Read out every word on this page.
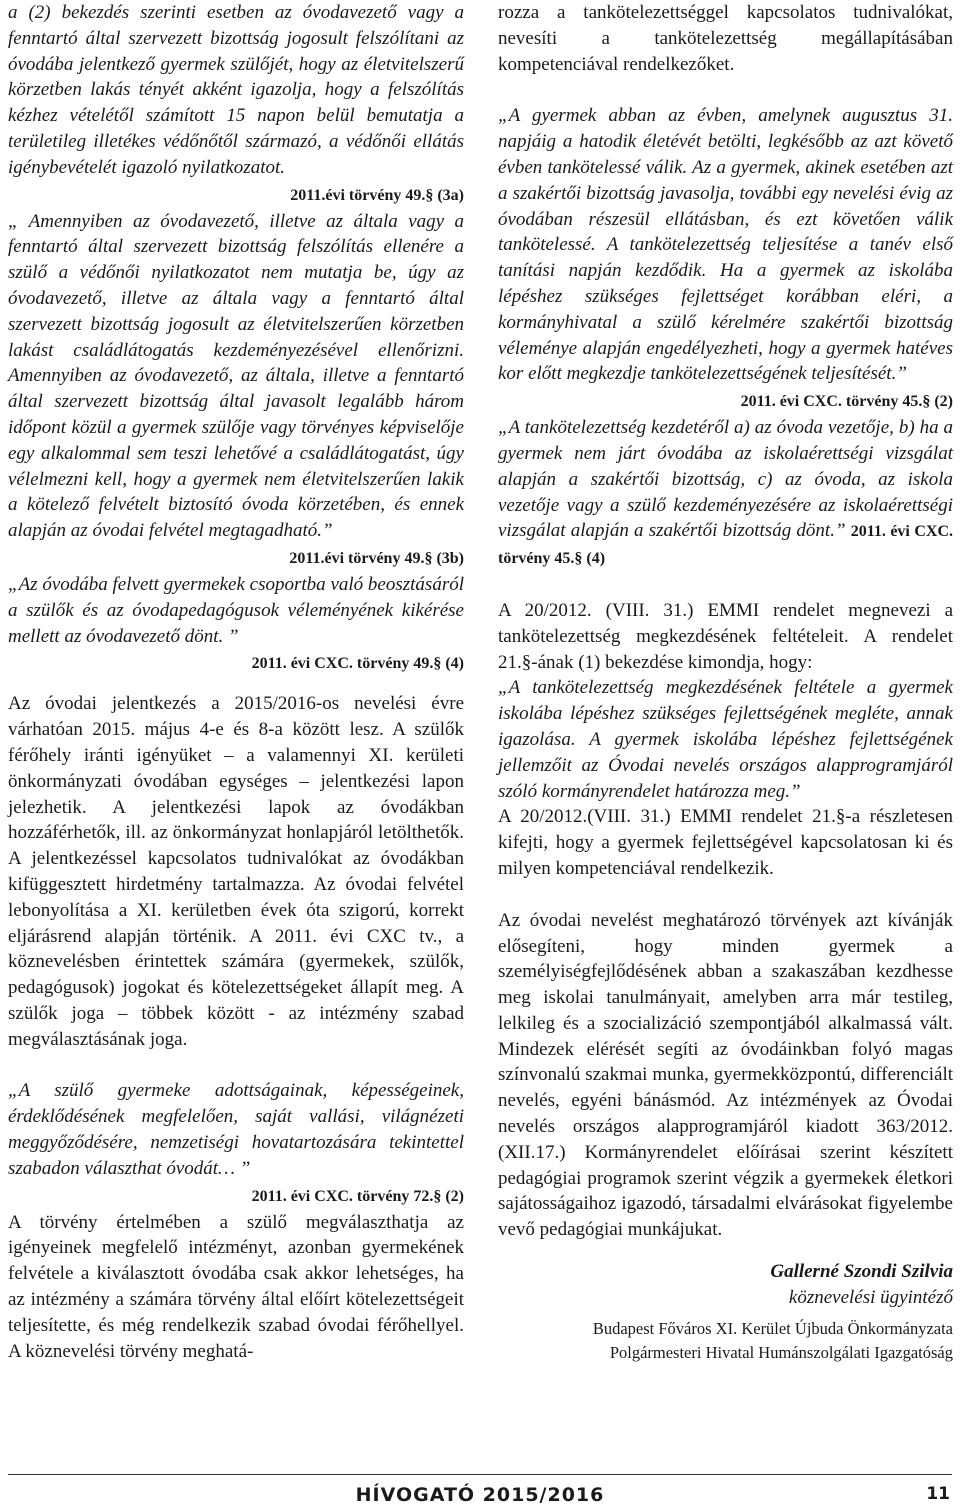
a (2) bekezdés szerinti esetben az óvodavezető vagy a fenntartó által szervezett bizottság jogosult felszólítani az óvodába jelentkező gyermek szülőjét, hogy az életvitelszerű körzetben lakás tényét akként igazolja, hogy a felszólítás kézhez vételétől számított 15 napon belül bemutatja a területileg illetékes védőnőtől származó, a védőnői ellátás igénybevételét igazoló nyilatkozatot.

2011.évi törvény 49.§ (3a)

„ Amennyiben az óvodavezető, illetve az általa vagy a fenntartó által szervezett bizottság felszólítás ellenére a szülő a védőnői nyilatkozatot nem mutatja be, úgy az óvodavezető, illetve az általa vagy a fenntartó által szervezett bizottság jogosult az életvitelszerűen körzetben lakást családlátogatás kezdeményezésével ellenőrizni. Amennyiben az óvodavezető, az általa, illetve a fenntartó által szervezett bizottság által javasolt legalább három időpont közül a gyermek szülője vagy törvényes képviselője egy alkalommal sem teszi lehetővé a családlátogatást, úgy vélelmezni kell, hogy a gyermek nem életvitelszerűen lakik a kötelező felvételt biztosító óvoda körzetében, és ennek alapján az óvodai felvétel megtagadható.”

2011.évi törvény 49.§ (3b)

„Az óvodába felvett gyermekek csoportba való beosztásáról a szülők és az óvodapedagógusok véleményének kikérése mellett az óvodavezető dönt. ”

2011. évi CXC. törvény 49.§ (4)

Az óvodai jelentkezés a 2015/2016-os nevelési évre várhatóan 2015. május 4-e és 8-a között lesz. A szülők férőhely iránti igényüket – a valamennyi XI. kerületi önkormányzati óvodában egységes – jelentkezési lapon jelezhetik. A jelentkezési lapok az óvodákban hozzáférhetők, ill. az önkormányzat honlapjáról letölthetők. A jelentkezéssel kapcsolatos tudnivalókat az óvodákban kifüggesztett hirdetmény tartalmazza. Az óvodai felvétel lebonyolítása a XI. kerületben évek óta szigorú, korrekt eljárásrend alapján történik. A 2011. évi CXC tv., a köznevelésben érintettek számára (gyermekek, szülők, pedagógusok) jogokat és kötelezettségeket állapít meg. A szülők joga – többek között - az intézmény szabad megválasztásának joga.

„A szülő gyermeke adottságainak, képességeinek, érdeklődésének megfelelően, saját vallási, világnézeti meggyőződésére, nemzetiségi hovatartozására tekintettel szabadon választhat óvodát… ”

2011. évi CXC. törvény 72.§ (2)

A törvény értelmében a szülő megválaszthatja az igényeinek megfelelő intézményt, azonban gyermekének felvétele a kiválasztott óvodába csak akkor lehetséges, ha az intézmény a számára törvény által előírt kötelezettségeit teljesítette, és még rendelkezik szabad óvodai férőhellyel. A köznevelési törvény meghatá-

rozza a tankötelezettséggel kapcsolatos tudnivalókat, nevesíti a tankötelezettség megállapításában kompetenciával rendelkezőket.

„A gyermek abban az évben, amelynek augusztus 31. napjáig a hatodik életévét betölti, legkésőbb az azt követő évben tankötelessé válik. Az a gyermek, akinek esetében azt a szakértői bizottság javasolja, további egy nevelési évig az óvodában részesül ellátásban, és ezt követően válik tankötelessé. A tankötelezettség teljesítése a tanév első tanítási napján kezdődik. Ha a gyermek az iskolába lépéshez szükséges fejlettséget korábban eléri, a kormányhivatal a szülő kérelmére szakértői bizottság véleménye alapján engedélyezheti, hogy a gyermek hatéves kor előtt megkezdje tankötelezettségének teljesítését.”

2011. évi CXC. törvény 45.§ (2)

„A tankötelezettség kezdetéről a) az óvoda vezetője, b) ha a gyermek nem járt óvodába az iskolaérettségi vizsgálat alapján a szakértői bizottság, c) az óvoda, az iskola vezetője vagy a szülő kezdeményezésére az iskolaérettségi vizsgálat alapján a szakértői bizottság dönt.” 2011. évi CXC. törvény 45.§ (4)

A 20/2012. (VIII. 31.) EMMI rendelet megnevezi a tankötelezettség megkezdésének feltételeit. A rendelet 21.§-ának (1) bekezdése kimondja, hogy:

„A tankötelezettség megkezdésének feltétele a gyermek iskolába lépéshez szükséges fejlettségének megléte, annak igazolása. A gyermek iskolába lépéshez fejlettségének jellemzőit az Óvodai nevelés országos alapprogramjáról szóló kormányrendelet határozza meg.”

A 20/2012.(VIII. 31.) EMMI rendelet 21.§-a részletesen kifejti, hogy a gyermek fejlettségével kapcsolatosan ki és milyen kompetenciával rendelkezik.

Az óvodai nevelést meghatározó törvények azt kívánják elősegíteni, hogy minden gyermek a személyiségfejlődésének abban a szakaszában kezdhesse meg iskolai tanulmányait, amelyben arra már testileg, lelkileg és a szocializáció szempontjából alkalmassá vált. Mindezek elérését segíti az óvodáinkban folyó magas színvonalú szakmai munka, gyermekközpontú, differenciált nevelés, egyéni bánásmód. Az intézmények az Óvodai nevelés országos alapprogramjáról kiadott 363/2012.(XII.17.) Kormányrendelet előírásai szerint készített pedagógiai programok szerint végzik a gyermekek életkori sajátosságaihoz igazodó, társadalmi elvárásokat figyelembe vevő pedagógiai munkájukat.

Gallerné Szondi Szilvia

köznevelési ügyintéző

Budapest Főváros XI. Kerület Újbuda Önkormányzata
Polgármesteri Hivatal Humánszolgálati Igazgatóság

HÍVOGATÓ 2015/2016	11
